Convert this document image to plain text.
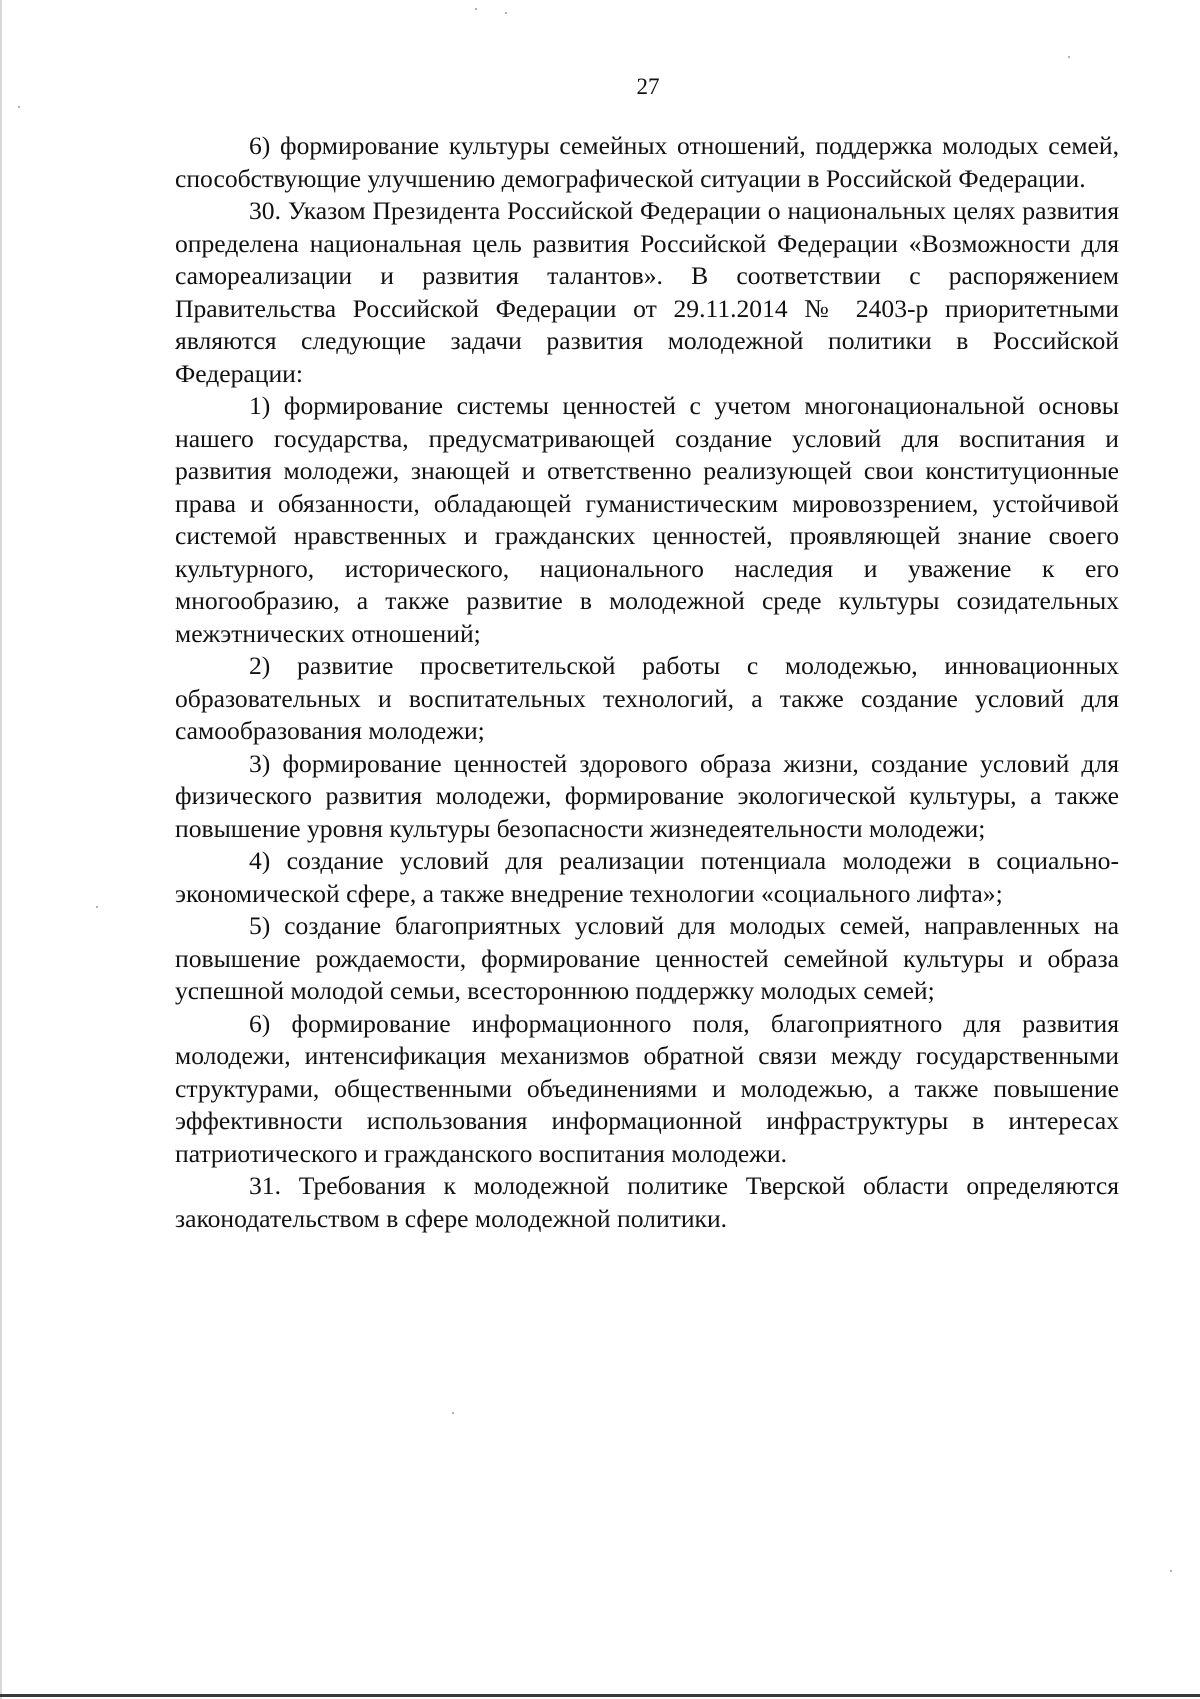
27

6) формирование культуры семейных отношений, поддержка молодых семей, способствующие улучшению демографической ситуации в Российской Федерации.

30. Указом Президента Российской Федерации о национальных целях развития определена национальная цель развития Российской Федерации «Возможности для самореализации и развития талантов». В соответствии с распоряжением Правительства Российской Федерации от 29.11.2014 № 2403-р приоритетными являются следующие задачи развития молодежной политики в Российской Федерации:

1) формирование системы ценностей с учетом многонациональной основы нашего государства, предусматривающей создание условий для воспитания и развития молодежи, знающей и ответственно реализующей свои конституционные права и обязанности, обладающей гуманистическим мировоззрением, устойчивой системой нравственных и гражданских ценностей, проявляющей знание своего культурного, исторического, национального наследия и уважение к его многообразию, а также развитие в молодежной среде культуры созидательных межэтнических отношений;

2) развитие просветительской работы с молодежью, инновационных образовательных и воспитательных технологий, а также создание условий для самообразования молодежи;

3) формирование ценностей здорового образа жизни, создание условий для физического развития молодежи, формирование экологической культуры, а также повышение уровня культуры безопасности жизнедеятельности молодежи;

4) создание условий для реализации потенциала молодежи в социально-экономической сфере, а также внедрение технологии «социального лифта»;

5) создание благоприятных условий для молодых семей, направленных на повышение рождаемости, формирование ценностей семейной культуры и образа успешной молодой семьи, всестороннюю поддержку молодых семей;

6) формирование информационного поля, благоприятного для развития молодежи, интенсификация механизмов обратной связи между государственными структурами, общественными объединениями и молодежью, а также повышение эффективности использования информационной инфраструктуры в интересах патриотического и гражданского воспитания молодежи.

31. Требования к молодежной политике Тверской области определяются законодательством в сфере молодежной политики.
